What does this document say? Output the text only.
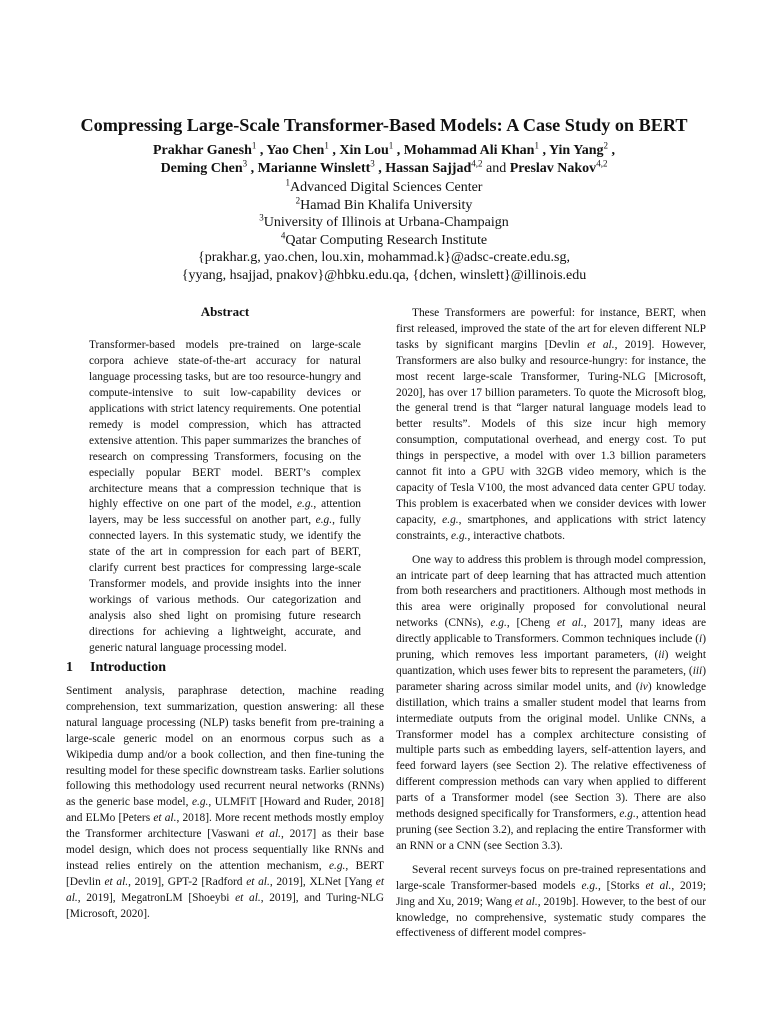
Compressing Large-Scale Transformer-Based Models: A Case Study on BERT
Prakhar Ganesh$^1$ , Yao Chen$^1$ , Xin Lou$^1$ , Mohammad Ali Khan$^1$ , Yin Yang$^2$ ,
Deming Chen$^3$ , Marianne Winslett$^3$ , Hassan Sajjad$^{4,2}$ and Preslav Nakov$^{4,2}$
$^1$Advanced Digital Sciences Center
$^2$Hamad Bin Khalifa University
$^3$University of Illinois at Urbana-Champaign
$^4$Qatar Computing Research Institute
{prakhar.g, yao.chen, lou.xin, mohammad.k}@adsc-create.edu.sg,
{yyang, hsajjad, pnakov}@hbku.edu.qa, {dchen, winslett}@illinois.edu
Abstract

Transformer-based models pre-trained on large-scale corpora achieve state-of-the-art accuracy for natural language processing tasks, but are too resource-hungry and compute-intensive to suit low-capability devices or applications with strict latency requirements. One potential remedy is model compression, which has attracted extensive attention. This paper summarizes the branches of research on compressing Transformers, focusing on the especially popular BERT model. BERT’s complex architecture means that a compression technique that is highly effective on one part of the model, e.g., attention layers, may be less successful on another part, e.g., fully connected layers. In this systematic study, we identify the state of the art in compression for each part of BERT, clarify current best practices for compressing large-scale Transformer models, and provide insights into the inner workings of various methods. Our categorization and analysis also shed light on promising future research directions for achieving a lightweight, accurate, and generic natural language processing model.

1 Introduction

Sentiment analysis, paraphrase detection, machine reading comprehension, text summarization, question answering: all these natural language processing (NLP) tasks benefit from pre-training a large-scale generic model on an enormous corpus such as a Wikipedia dump and/or a book collection, and then fine-tuning the resulting model for these specific downstream tasks. Earlier solutions following this methodology used recurrent neural networks (RNNs) as the generic base model, e.g., ULMFiT [Howard and Ruder, 2018] and ELMo [Peters et al., 2018]. More recent methods mostly employ the Transformer architecture [Vaswani et al., 2017] as their base model design, which does not process sequentially like RNNs and instead relies entirely on the attention mechanism, e.g., BERT [Devlin et al., 2019], GPT-2 [Radford et al., 2019], XLNet [Yang et al., 2019], MegatronLM [Shoeybi et al., 2019], and Turing-NLG [Microsoft, 2020].

These Transformers are powerful: for instance, BERT, when first released, improved the state of the art for eleven different NLP tasks by significant margins [Devlin et al., 2019]. However, Transformers are also bulky and resource-hungry: for instance, the most recent large-scale Transformer, Turing-NLG [Microsoft, 2020], has over 17 billion parameters. To quote the Microsoft blog, the general trend is that “larger natural language models lead to better results”. Models of this size incur high memory consumption, computational overhead, and energy cost. To put things in perspective, a model with over 1.3 billion parameters cannot fit into a GPU with 32GB video memory, which is the capacity of Tesla V100, the most advanced data center GPU today. This problem is exacerbated when we consider devices with lower capacity, e.g., smartphones, and applications with strict latency constraints, e.g., interactive chatbots.

One way to address this problem is through model compression, an intricate part of deep learning that has attracted much attention from both researchers and practitioners. Although most methods in this area were originally proposed for convolutional neural networks (CNNs), e.g., [Cheng et al., 2017], many ideas are directly applicable to Transformers. Common techniques include (i) pruning, which removes less important parameters, (ii) weight quantization, which uses fewer bits to represent the parameters, (iii) parameter sharing across similar model units, and (iv) knowledge distillation, which trains a smaller student model that learns from intermediate outputs from the original model. Unlike CNNs, a Transformer model has a complex architecture consisting of multiple parts such as embedding layers, self-attention layers, and feed forward layers (see Section 2). The relative effectiveness of different compression methods can vary when applied to different parts of a Transformer model (see Section 3). There are also methods designed specifically for Transformers, e.g., attention head pruning (see Section 3.2), and replacing the entire Transformer with an RNN or a CNN (see Section 3.3).

Several recent surveys focus on pre-trained representations and large-scale Transformer-based models e.g., [Storks et al., 2019; Jing and Xu, 2019; Wang et al., 2019b]. However, to the best of our knowledge, no comprehensive, systematic study compares the effectiveness of different model compres-
